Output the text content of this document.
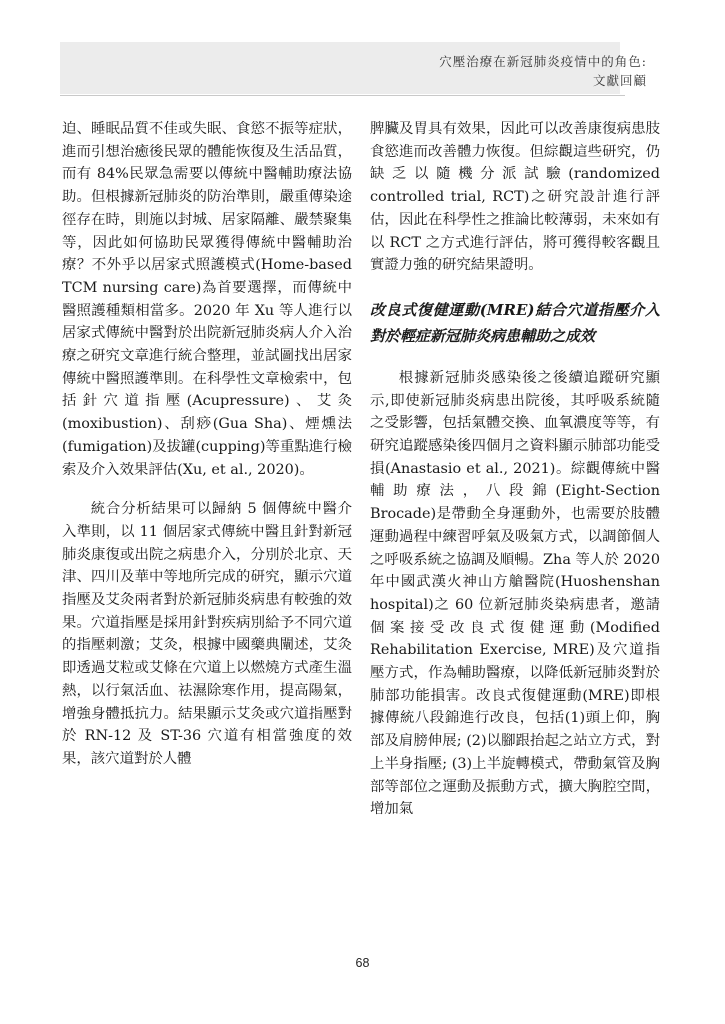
穴壓治療在新冠肺炎疫情中的角色:
文獻回顧

迫、睡眠品質不佳或失眠、食慾不振等症狀，進而引想治癒後民眾的體能恢復及生活品質，而有 84%民眾急需要以傳統中醫輔助療法協助。但根據新冠肺炎的防治準則，嚴重傳染途徑存在時，則施以封城、居家隔離、嚴禁聚集等，因此如何協助民眾獲得傳統中醫輔助治療？不外乎以居家式照護模式(Home-based TCM nursing care)為首要選擇，而傳統中醫照護種類相當多。2020 年 Xu 等人進行以居家式傳統中醫對於出院新冠肺炎病人介入治療之研究文章進行統合整理，並試圖找出居家傳統中醫照護準則。在科學性文章檢索中，包括針穴道指壓(Acupressure)、艾灸(moxibustion)、刮痧(Gua Sha)、煙燻法(fumigation)及拔罐(cupping)等重點進行檢索及介入效果評估(Xu, et al., 2020)。

統合分析結果可以歸納 5 個傳統中醫介入準則，以 11 個居家式傳統中醫且針對新冠肺炎康復或出院之病患介入，分別於北京、天津、四川及華中等地所完成的研究，顯示穴道指壓及艾灸兩者對於新冠肺炎病患有較強的效果。穴道指壓是採用針對疾病別給予不同穴道的指壓刺激；艾灸，根據中國藥典闡述，艾灸即透過艾粒或艾條在穴道上以燃燒方式產生溫熱，以行氣活血、祛濕除寒作用，提高陽氣，增強身體抵抗力。結果顯示艾灸或穴道指壓對於 RN-12 及 ST-36 穴道有相當強度的效果，該穴道對於人體

脾臟及胃具有效果，因此可以改善康復病患肢食慾進而改善體力恢復。但綜觀這些研究，仍缺乏以隨機分派試驗(randomized controlled trial, RCT)之研究設計進行評估，因此在科學性之推論比較薄弱，未來如有以 RCT 之方式進行評估，將可獲得較客觀且實證力強的研究結果證明。

改良式復健運動(MRE)結合穴道指壓介入對於輕症新冠肺炎病患輔助之成效

根據新冠肺炎感染後之後續追蹤研究顯示,即使新冠肺炎病患出院後，其呼吸系統隨之受影響，包括氣體交換、血氧濃度等等，有研究追蹤感染後四個月之資料顯示肺部功能受損(Anastasio et al., 2021)。綜觀傳統中醫輔助療法，八段錦(Eight-Section Brocade)是帶動全身運動外，也需要於肢體運動過程中練習呼氣及吸氣方式，以調節個人之呼吸系統之協調及順暢。Zha 等人於 2020 年中國武漢火神山方艙醫院(Huoshenshan hospital)之 60 位新冠肺炎染病患者，邀請個案接受改良式復健運動(Modified Rehabilitation Exercise, MRE)及穴道指壓方式，作為輔助醫療，以降低新冠肺炎對於肺部功能損害。改良式復健運動(MRE)即根據傳統八段錦進行改良，包括(1)頭上仰，胸部及肩膀伸展; (2)以腳跟抬起之站立方式，對上半身指壓; (3)上半旋轉模式，帶動氣管及胸部等部位之運動及振動方式，擴大胸腔空間，增加氣

68
